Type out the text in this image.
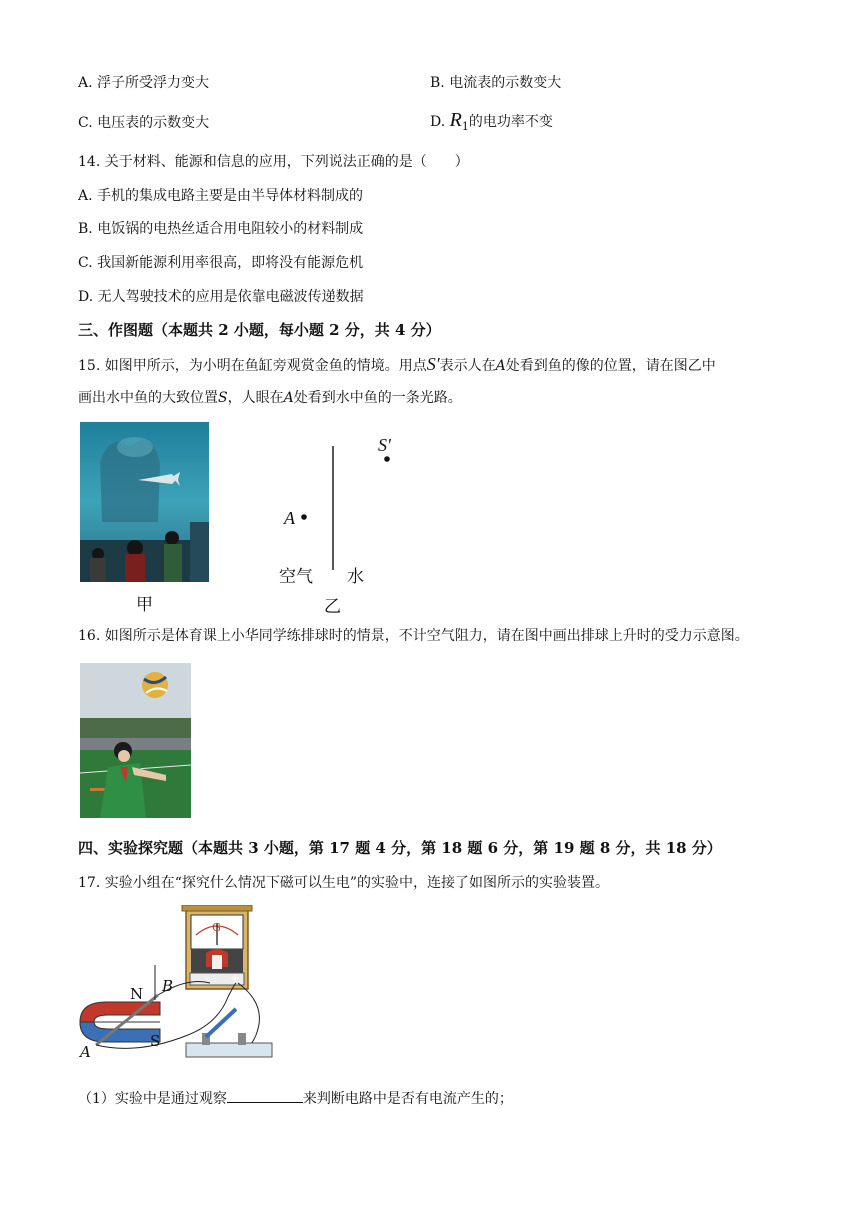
A. 浮子所受浮力变大	B. 电流表的示数变大
C. 电压表的示数变大	D. $R_1$的电功率不变
14. 关于材料、能源和信息的应用，下列说法正确的是（　　）
A. 手机的集成电路主要是由半导体材料制成的
B. 电饭锅的电热丝适合用电阻较小的材料制成
C. 我国新能源利用率很高，即将没有能源危机
D. 无人驾驶技术的应用是依靠电磁波传递数据
三、作图题（本题共 2 小题，每小题 2 分，共 4 分）
15. 如图甲所示，为小明在鱼缸旁观赏金鱼的情境。用点S′表示人在A处看到鱼的像的位置，请在图乙中
画出水中鱼的大致位置S，人眼在A处看到水中鱼的一条光路。
甲
A
S′
空气 水
乙
16. 如图所示是体育课上小华同学练排球时的情景，不计空气阻力，请在图中画出排球上升时的受力示意图。
四、实验探究题（本题共 3 小题，第 17 题 4 分，第 18 题 6 分，第 19 题 8 分，共 18 分）
17. 实验小组在“探究什么情况下磁可以生电”的实验中，连接了如图所示的实验装置。
N
S
A
B
G
- +
（1）实验中是通过观察	来判断电路中是否有电流产生的；
